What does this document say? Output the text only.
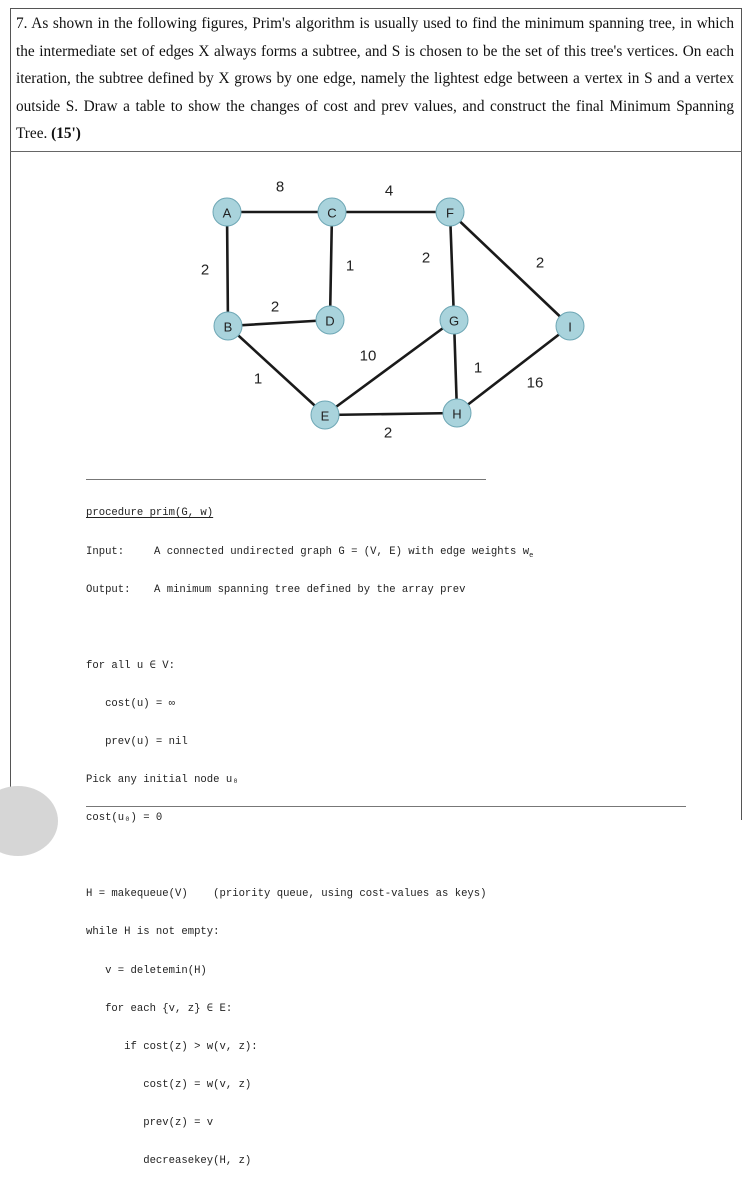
7. As shown in the following figures, Prim's algorithm is usually used to find the minimum spanning tree, in which the intermediate set of edges X always forms a subtree, and S is chosen to be the set of this tree's vertices. On each iteration, the subtree defined by X grows by one edge, namely the lightest edge between a vertex in S and a vertex outside S. Draw a table to show the changes of cost and prev values, and construct the final Minimum Spanning Tree. (15')
8	4
2	1	2	2
2
10
1
1	16
2
A
B
C
D
E
F
G
H
I

procedure prim(G, w)

Input:	A connected undirected graph G = (V, E) with edge weights $w_e$

Output: A minimum spanning tree defined by the array prev

for all u ∈ V:

cost(u) = ∞

prev(u) = nil

Pick any initial node u₀

cost(u₀) = 0

H = makequeue(V)    (priority queue, using cost-values as keys)

while H is not empty:

v = deletemin(H)

for each {v, z} ∈ E:

if cost(z) > w(v, z):

cost(z) = w(v, z)

prev(z) = v

decreasekey(H, z)
